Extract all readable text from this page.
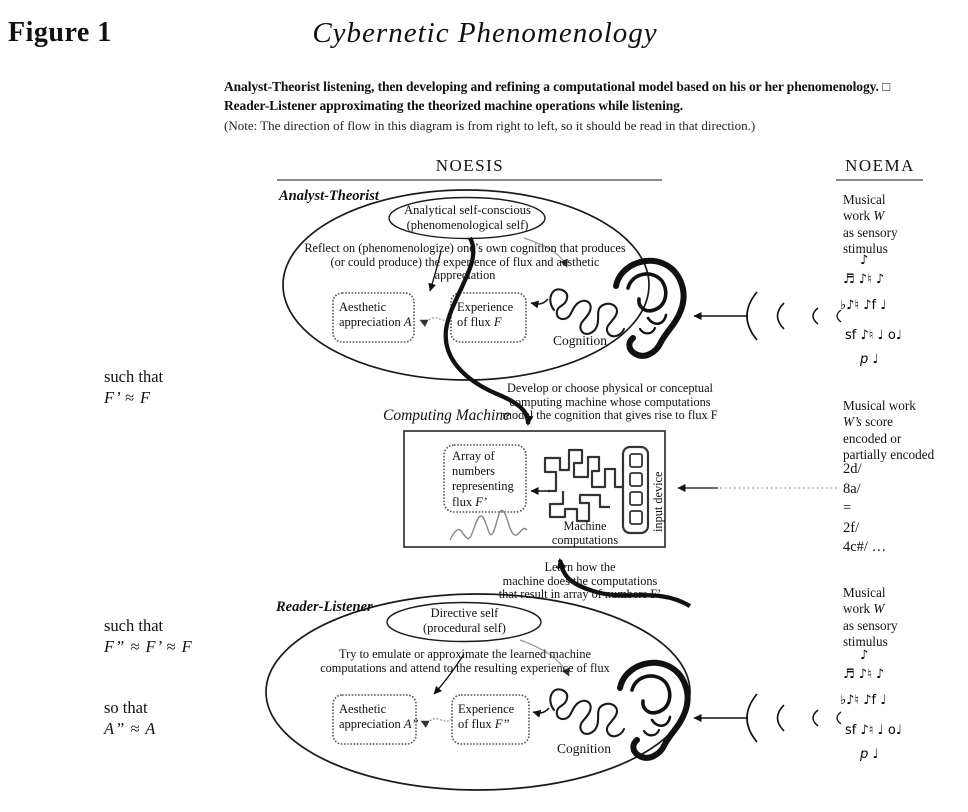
Figure 1	Cybernetic Phenomenology
Analyst-Theorist listening, then developing and refining a computational model based on his or her phenomenology. □
Reader-Listener approximating the theorized machine operations while listening.
(Note: The direction of flow in this diagram is from right to left, so it should be read in that direction.)
NOESIS	NOEMA
Analyst-Theorist
Analytical self-conscious
(phenomenological self)
Reflect on (phenomenologize) one’s own cognition that produces
(or could produce) the experience of flux and aesthetic appreciation
Aesthetic
appreciation A
Experience
of flux F
Cognition
such that
F’ ≈ F
such that
F” ≈ F’ ≈ F
so that
A” ≈ A
Develop or choose physical or conceptual
computing machine whose computations
model the cognition that gives rise to flux F
Computing Machine
Array of
numbers
representing
flux F’
Machine
computations
input device
Learn how the
machine does the computations
that result in array of numbers F’
Reader-Listener	Directive self
(procedural self)
Try to emulate or approximate the learned machine
computations and attend to the resulting experience of flux
Aesthetic
appreciation A”
Experience
of flux F”
Cognition
Musical
work W
as sensory
stimulus
♪
♬ ♪♮ ♪
♭♪♮ ♪f ♩
sf ♪♮ ♩ o♩
p ♩
Musical work
W’s score
encoded or
partially encoded
2d/
8a/
=
2f/
4c#/ …
Musical
work W
as sensory
stimulus
♪
♬ ♪♮ ♪
♭♪♮ ♪f ♩
sf ♪♮ ♩ o♩
p ♩
